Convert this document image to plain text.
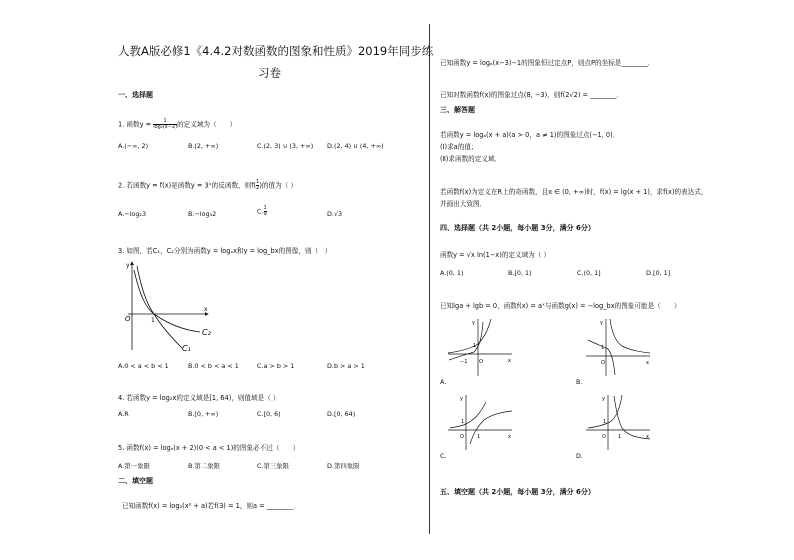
人教A版必修1《4.4.2对数函数的图象和性质》2019年同步练
习卷
一、选择题
1. 函数$y = \frac{1}{\text{log₂(x−2)}}$ 的定义域为（　　）
A.(−∞, 2)	B.(2, +∞)	C.(2, 3) ∪ (3, +∞) D.(2, 4) ∪ (4, +∞)
2. 若函数y = f(x)是函数y = 3ˣ的反函数，则$f( \frac{1}{2}$ )的值为（ ）
A.−log₂3	B.−log₃2	C. $\frac{1}{9}$	D.√3
3. 如图，若C₁，C₂分别为函数y = logₐx和y = log_bx的图像，则（　）
y
x
O	1
C₂
C₁
A.0 < a < b < 1	B.0 < b < a < 1	C.a > b > 1	D.b > a > 1
4. 若函数y = log₂x的定义域是[1, 64)，则值域是（ ）
A.R	B.[0, +∞)	C.[0, 6)	D.[0, 64)
5. 函数f(x) = logₐ(x + 2)(0 < a < 1)的图象必不过（　　）
A.第一象限	B.第二象限	C.第三象限	D.第四象限
二、填空题
已知函数f(x) = log₂(x² + a)若f(3) = 1，则a = ________．
已知函数y = logₐ(x−3)−1的图象恒过定点P，则点P的坐标是________．
已知对数函数f(x)的图象过点(8, −3)，则f(2√2) = ________．
三、解答题
若函数y = logₐ(x + a)(a > 0，a ≠ 1)的图象过点(−1, 0)．
(Ⅰ)求a的值；
(Ⅱ)求函数的定义域．
若函数f(x)为定义在R上的奇函数，且x ∈ (0, +∞)时，f(x) = lg(x + 1)，求f(x)的表达式，
并画出大致图．
四、选择题（共 2小题，每小题 3分，满分 6分）
函数y = √x ln(1−x)的定义域为（ ）
A.(0, 1)	B.[0, 1)	C.(0, 1]	D.[0, 1]
已知lga + lgb = 0，函数f(x) = aˣ与函数g(x) = −log_bx的图象可能是（　　）
y
x
O
1
−1
A.
y
x
O
1
B.
y
x
O
1
1
C.
y
x
O
1
1
D.
五、填空题（共 2小题，每小题 3分，满分 6分）
